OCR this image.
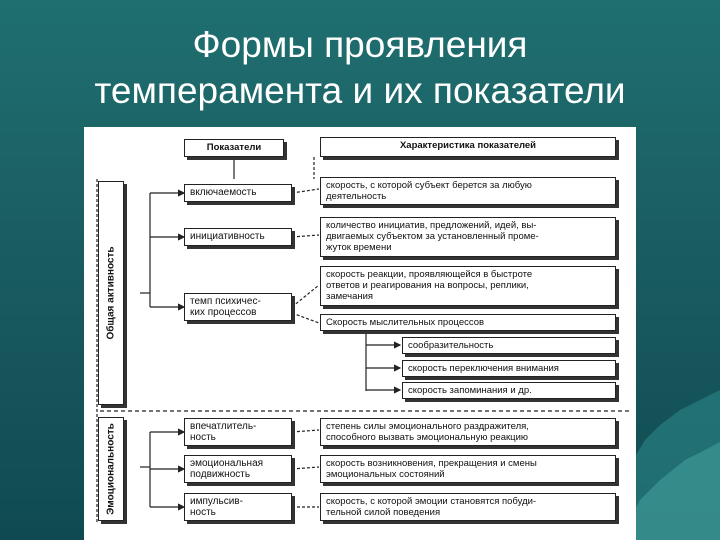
Формы проявления
темперамента и их показатели
Показатели	Характеристика показателей
Общая активность
Эмоциональность
включаемость
инициативность
темп психичес-
ких процессов
впечатлитель-
ность
эмоциональная
подвижность
импульсив-
ность
скорость, с которой субъект берется за любую
деятельность
количество инициатив, предложений, идей, вы-
двигаемых субъектом за установленный проме-
жуток времени
скорость реакции, проявляющейся в быстроте
ответов и реагирования на вопросы, реплики,
замечания
Скорость мыслительных процессов
степень силы эмоционального раздражителя,
способного вызвать эмоциональную реакцию
скорость возникновения, прекращения и смены
эмоциональных состояний
скорость, с которой эмоции становятся побуди-
тельной силой поведения
сообразительность
скорость переключения внимания
скорость запоминания и др.
